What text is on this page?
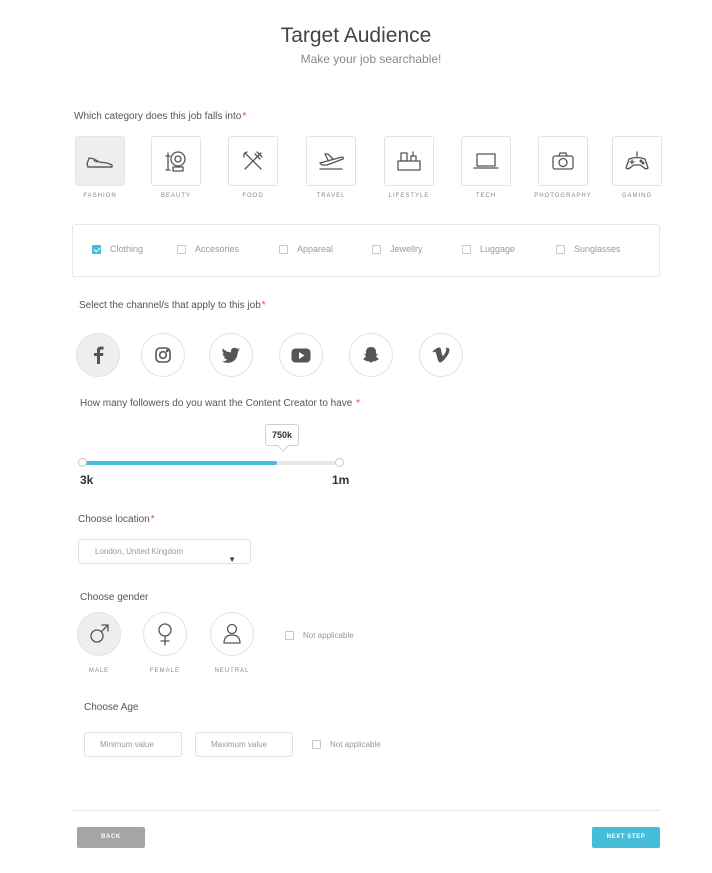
Target Audience
Make your job searchable!
Which category does this job falls into*
FASHION	BEAUTY	FOOD	TRAVEL	LIFESTYLE	TECH	PHOTOGRAPHY	GAMING
Clothing	Accesories	Appareal	Jewellry	Luggage	Sunglasses
Select the channel/s that apply to this job*
How many followers do you want the Content Creator to have *
750k
3k	1m
Choose location*
London, United Kingdom
▼
Choose gender
MALE	FEMALE	NEUTRAL
Not applicable
Choose Age
Minimum value
Maximum value
Not applicable
BACK	NEXT STEP
